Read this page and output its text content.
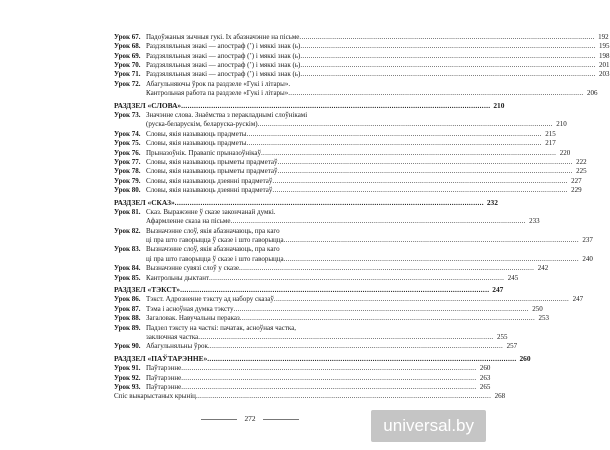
Урок 67. Падоўжаныя зычныя гукі. Іх абазначэнне на пісьме ................................................................................................................................................ 192
Урок 68. Раздзяляльныя знакі — апостраф (’) і мяккі знак (ь) ................................................................................................................................................ 195
Урок 69. Раздзяляльныя знакі — апостраф (’) і мяккі знак (ь) ................................................................................................................................................ 198
Урок 70. Раздзяляльныя знакі — апостраф (’) і мяккі знак (ь) ................................................................................................................................................ 201
Урок 71. Раздзяляльныя знакі — апостраф (’) і мяккі знак (ь) ................................................................................................................................................ 203
Урок 72. Абагульняючы ўрок па раздзеле «Гукі і літары».
Кантрольная работа па раздзеле «Гукі і літары» ................................................................................................................................................ 206
РАЗДЗЕЛ «СЛОВА» ................................................................................................................................................ 210
Урок 73. Значэнне слова. Знаёмства з перакладнымі слоўнікамі
(руска-беларускім, беларуска-рускім) ................................................................................................................................................ 210
Урок 74. Словы, якія называюць прадметы ................................................................................................................................................ 215
Урок 75. Словы, якія называюць прадметы ................................................................................................................................................ 217
Урок 76. Прыназоўнік. Правапіс прыназоўнікаў ................................................................................................................................................ 220
Урок 77. Словы, якія называюць прыметы прадметаў ................................................................................................................................................ 222
Урок 78. Словы, якія называюць прыметы прадметаў ................................................................................................................................................ 225
Урок 79. Словы, якія называюць дзеянні прадметаў ................................................................................................................................................ 227
Урок 80. Словы, якія называюць дзеянні прадметаў ................................................................................................................................................ 229
РАЗДЗЕЛ «СКАЗ» ................................................................................................................................................ 232
Урок 81. Сказ. Выражэнне ў сказе закончанай думкі.
Афармленне сказа на пісьме ................................................................................................................................................ 233
Урок 82. Вызначэнне слоў, якія абазначаюць, пра каго
ці пра што гаворыцца ў сказе і што гаворыцца ................................................................................................................................................ 237
Урок 83. Вызначэнне слоў, якія абазначаюць, пра каго
ці пра што гаворыцца ў сказе і што гаворыцца ................................................................................................................................................ 240
Урок 84. Вызначэнне сувязі слоў у сказе ................................................................................................................................................ 242
Урок 85. Кантрольны дыктант ................................................................................................................................................ 245
РАЗДЗЕЛ «ТЭКСТ» ................................................................................................................................................ 247
Урок 86. Тэкст. Адрозненне тэксту ад набору сказаў ................................................................................................................................................ 247
Урок 87. Тэма і асноўная думка тэксту ................................................................................................................................................ 250
Урок 88. Загаловак. Навучальны пераказ ................................................................................................................................................ 253
Урок 89. Падзел тэксту на часткі: пачатак, асноўная частка,
заключная частка ................................................................................................................................................ 255
Урок 90. Абагульняльны ўрок ................................................................................................................................................ 257
РАЗДЗЕЛ «ПАЎТАРЭННЕ» ................................................................................................................................................ 260
Урок 91. Паўтарэнне ................................................................................................................................................ 260
Урок 92. Паўтарэнне ................................................................................................................................................ 263
Урок 93. Паўтарэнне ................................................................................................................................................ 265
Спіс выкарыстаных крыніц ................................................................................................................................................ 268
272	universal.by
